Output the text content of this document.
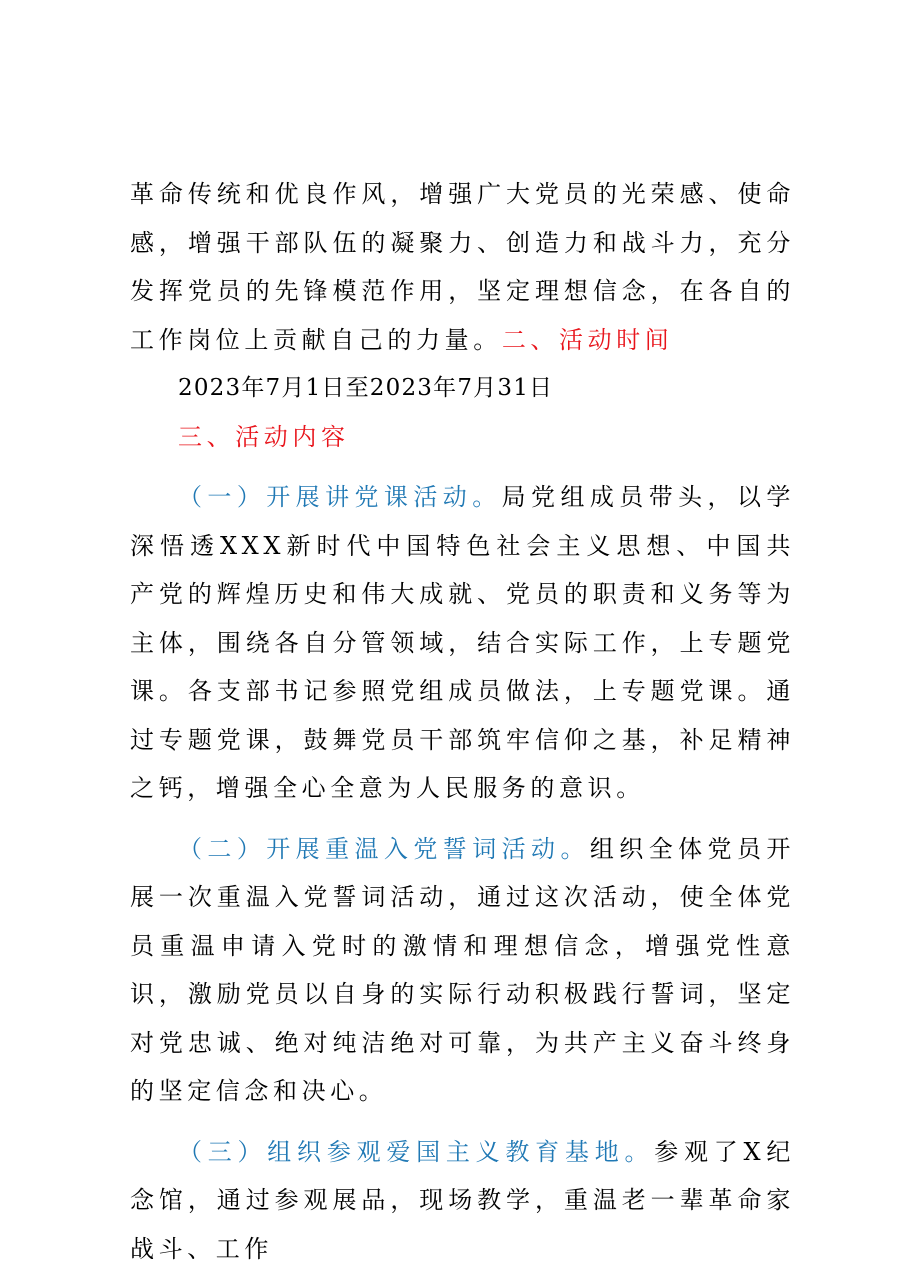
革命传统和优良作风，增强广大党员的光荣感、使命感，增强干部队伍的凝聚力、创造力和战斗力，充分发挥党员的先锋模范作用，坚定理想信念，在各自的工作岗位上贡献自己的力量。二、活动时间

2023年7月1日至2023年7月31日

三、活动内容

（一）开展讲党课活动。局党组成员带头，以学深悟透XXX新时代中国特色社会主义思想、中国共产党的辉煌历史和伟大成就、党员的职责和义务等为主体，围绕各自分管领域，结合实际工作，上专题党课。各支部书记参照党组成员做法，上专题党课。通过专题党课，鼓舞党员干部筑牢信仰之基，补足精神之钙，增强全心全意为人民服务的意识。

（二）开展重温入党誓词活动。组织全体党员开展一次重温入党誓词活动，通过这次活动，使全体党员重温申请入党时的激情和理想信念，增强党性意识，激励党员以自身的实际行动积极践行誓词，坚定对党忠诚、绝对纯洁绝对可靠，为共产主义奋斗终身的坚定信念和决心。

（三）组织参观爱国主义教育基地。参观了X纪念馆，通过参观展品，现场教学，重温老一辈革命家战斗、工作
